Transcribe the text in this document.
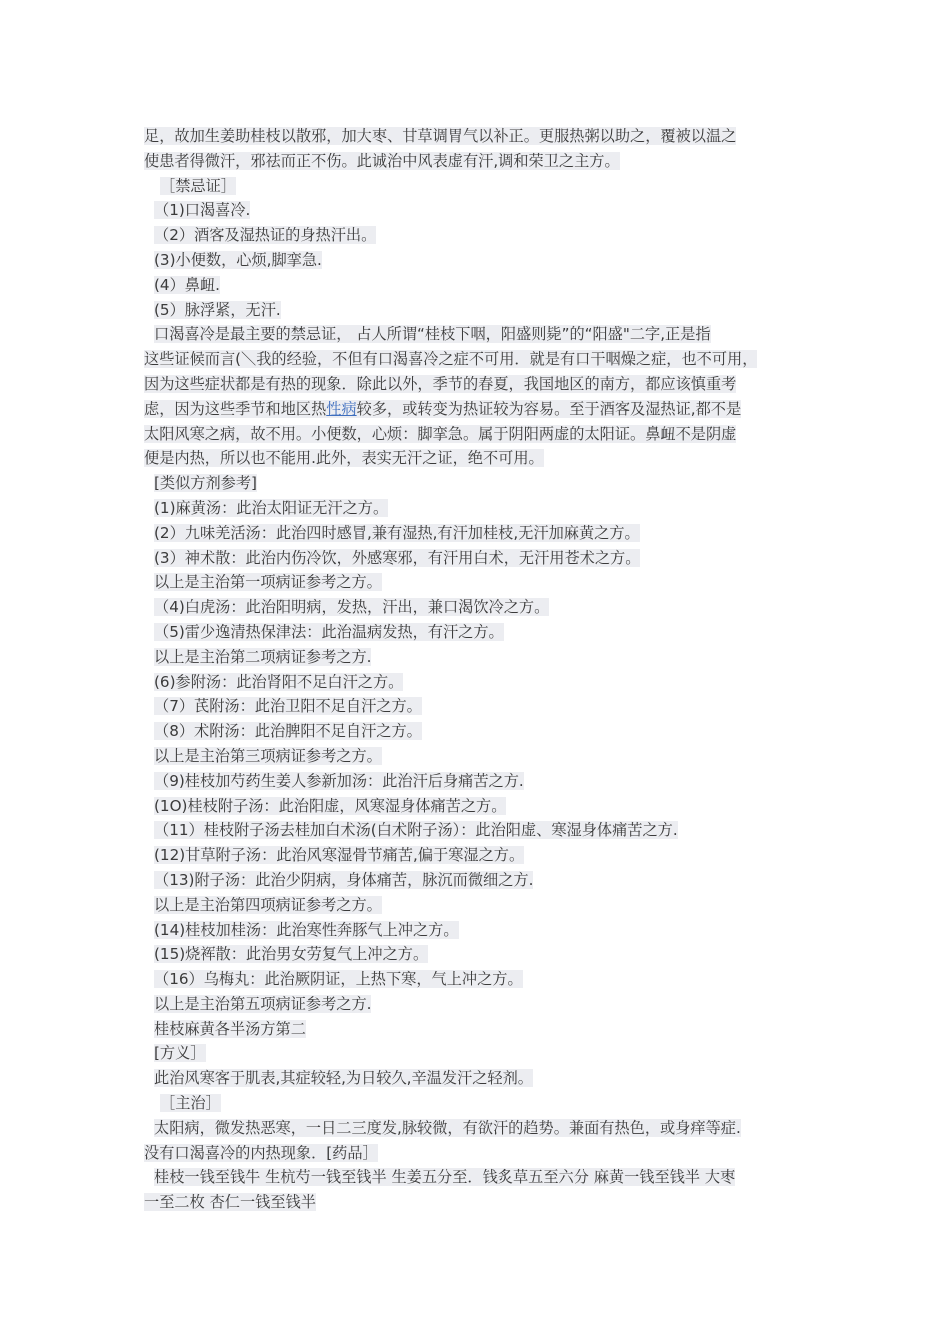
足，故加生姜助桂枝以散邪，加大枣、甘草调胃气以补正。更服热粥以助之，覆被以温之
使患者得微汗，邪祛而正不伤。此诚治中风表虚有汗,调和荣卫之主方。
［禁忌证］
（1)口渴喜冷.
（2）酒客及湿热证的身热汗出。
(3)小便数，心烦,脚挛急.
(4）鼻衄.
(5）脉浮紧，无汗.
口渴喜冷是最主要的禁忌证， 占人所谓“桂枝下咽，阳盛则毙”的“阳盛"二字,正是指
这些证候而言(＼我的经验，不但有口渴喜冷之症不可用．就是有口干咽燥之症，也不可用，
因为这些症状都是有热的现象．除此以外，季节的春夏，我国地区的南方，都应该慎重考
虑，因为这些季节和地区热性病较多，或转变为热证较为容易。至于酒客及湿热证,都不是
太阳风寒之病，故不用。小便数，心烦：脚挛急。属于阴阳两虚的太阳证。鼻衄不是阴虚
便是内热，所以也不能用.此外，表实无汗之证，绝不可用。
[类似方剂参考]
(1)麻黄汤：此治太阳证无汗之方。
(2）九味羌活汤：此治四时感冒,兼有湿热,有汗加桂枝,无汗加麻黄之方。
(3）神术散：此治内伤冷饮，外感寒邪，有汗用白术，无汗用苍术之方。
以上是主治第一项病证参考之方。
（4)白虎汤：此治阳明病，发热，汗出，兼口渴饮冷之方。
（5)雷少逸清热保津法：此治温病发热，有汗之方。
以上是主治第二项病证参考之方.
(6)参附汤：此治肾阳不足白汗之方。
（7）芪附汤：此治卫阳不足自汗之方。
（8）术附汤：此治脾阳不足自汗之方。
以上是主治第三项病证参考之方。
（9)桂枝加芍药生姜人参新加汤：此治汗后身痛苦之方.
(1O)桂枝附子汤：此治阳虚，风寒湿身体痛苦之方。
（11）桂枝附子汤去桂加白术汤(白术附子汤）：此治阳虚、寒湿身体痛苦之方.
(12)甘草附子汤：此治风寒湿骨节痛苦,偏于寒湿之方。
（13)附子汤：此治少阴病，身体痛苦，脉沉而微细之方.
以上是主治第四项病证参考之方。
(14)桂枝加桂汤：此治寒性奔豚气上冲之方。
(15)烧裈散：此治男女劳复气上冲之方。
（16）乌梅丸：此治厥阴证，上热下寒，气上冲之方。
以上是主治第五项病证参考之方.
桂枝麻黄各半汤方第二
[方义］
此治风寒客于肌表,其症较轻,为日较久,辛温发汗之轻剂。
［主治］
太阳病，微发热恶寒，一日二三度发,脉较微，有欲汗的趋势。兼面有热色，或身痒等症.
没有口渴喜冷的内热现象．[药品］
桂枝一钱至钱牛 生杭芍一钱至钱半 生姜五分至．钱炙草五至六分 麻黄一钱至钱半 大枣
一至二枚 杏仁一钱至钱半
